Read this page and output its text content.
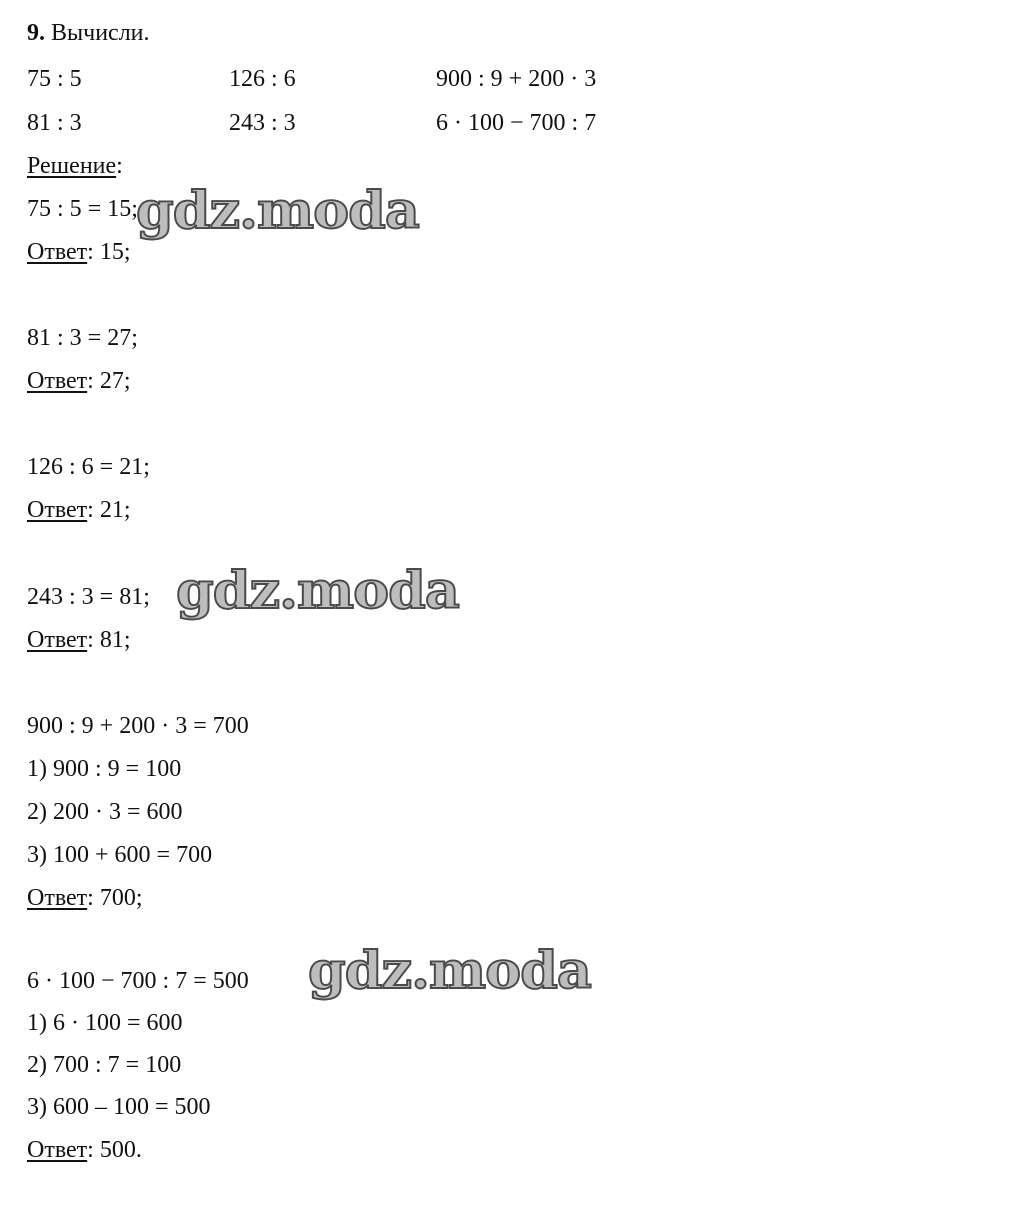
9. Вычисли.
75 : 5	126 : 6	900 : 9 + 200 · 3
81 : 3	243 : 3	6 · 100 − 700 : 7
Решение:
75 : 5 = 15;
Ответ: 15;
81 : 3 = 27;
Ответ: 27;
126 : 6 = 21;
Ответ: 21;
243 : 3 = 81;
Ответ: 81;
900 : 9 + 200 · 3 = 700
1) 900 : 9 = 100
2) 200 · 3 = 600
3) 100 + 600 = 700
Ответ: 700;
6 · 100 − 700 : 7 = 500
1) 6 · 100 = 600
2) 700 : 7 = 100
3) 600 – 100 = 500
Ответ: 500.
gdz.moda
gdz.moda
gdz.moda
